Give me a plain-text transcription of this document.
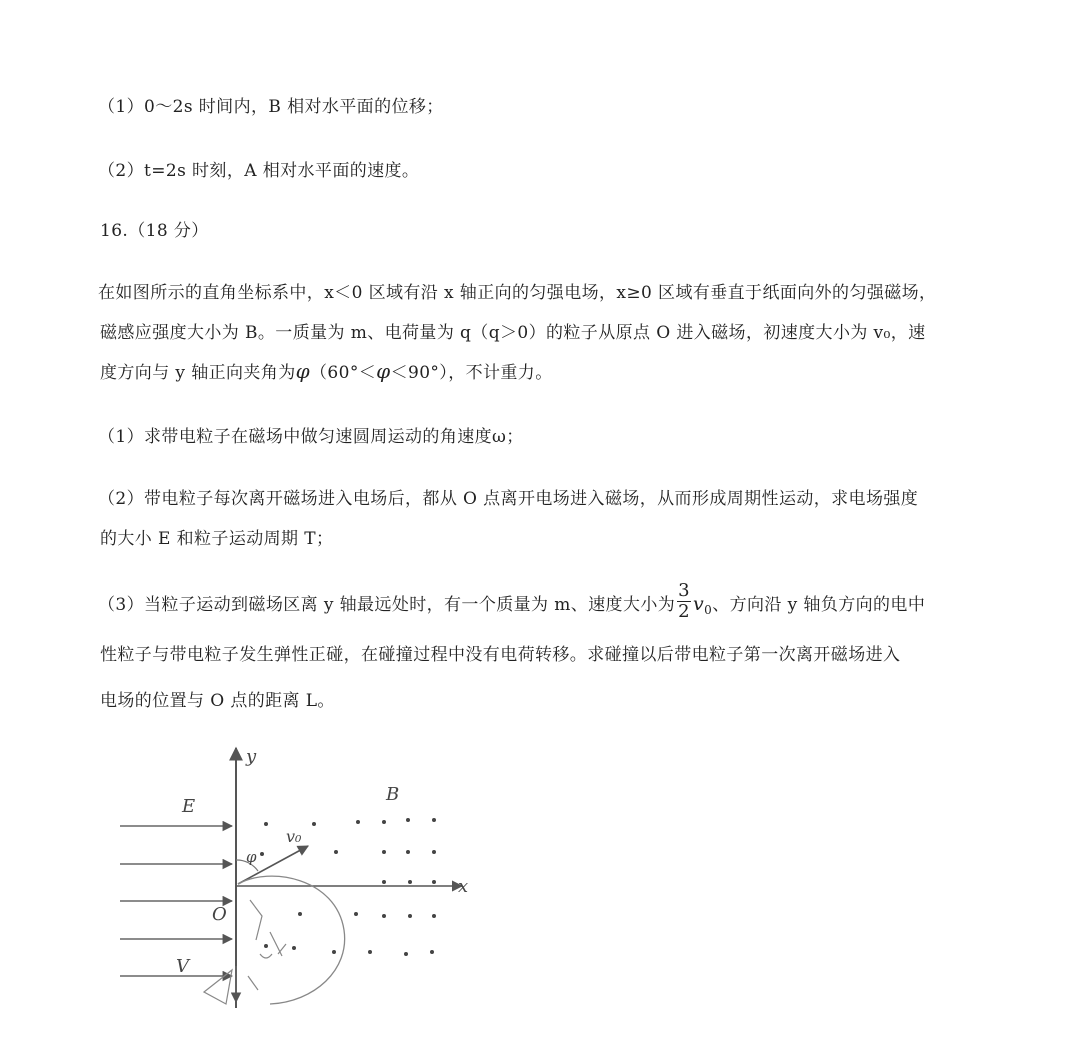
（1）0～2s 时间内，B 相对水平面的位移；
（2）t=2s 时刻，A 相对水平面的速度。
16.（18 分）
在如图所示的直角坐标系中，x＜0 区域有沿 x 轴正向的匀强电场，x≥0 区域有垂直于纸面向外的匀强磁场，
磁感应强度大小为 B。一质量为 m、电荷量为 q（q＞0）的粒子从原点 O 进入磁场，初速度大小为 v₀，速
度方向与 y 轴正向夹角为φ（60°＜φ＜90°），不计重力。
（1）求带电粒子在磁场中做匀速圆周运动的角速度ω；
（2）带电粒子每次离开磁场进入电场后，都从 O 点离开电场进入磁场，从而形成周期性运动，求电场强度
的大小 E 和粒子运动周期 T；
（3）当粒子运动到磁场区离 y 轴最远处时，有一个质量为 m、速度大小为 $\frac{3}{2} v_0$、方向沿 y 轴负方向的电中
性粒子与带电粒子发生弹性正碰，在碰撞过程中没有电荷转移。求碰撞以后带电粒子第一次离开磁场进入
电场的位置与 O 点的距离 L。
y
x
E
B
O
v₀
φ
V
